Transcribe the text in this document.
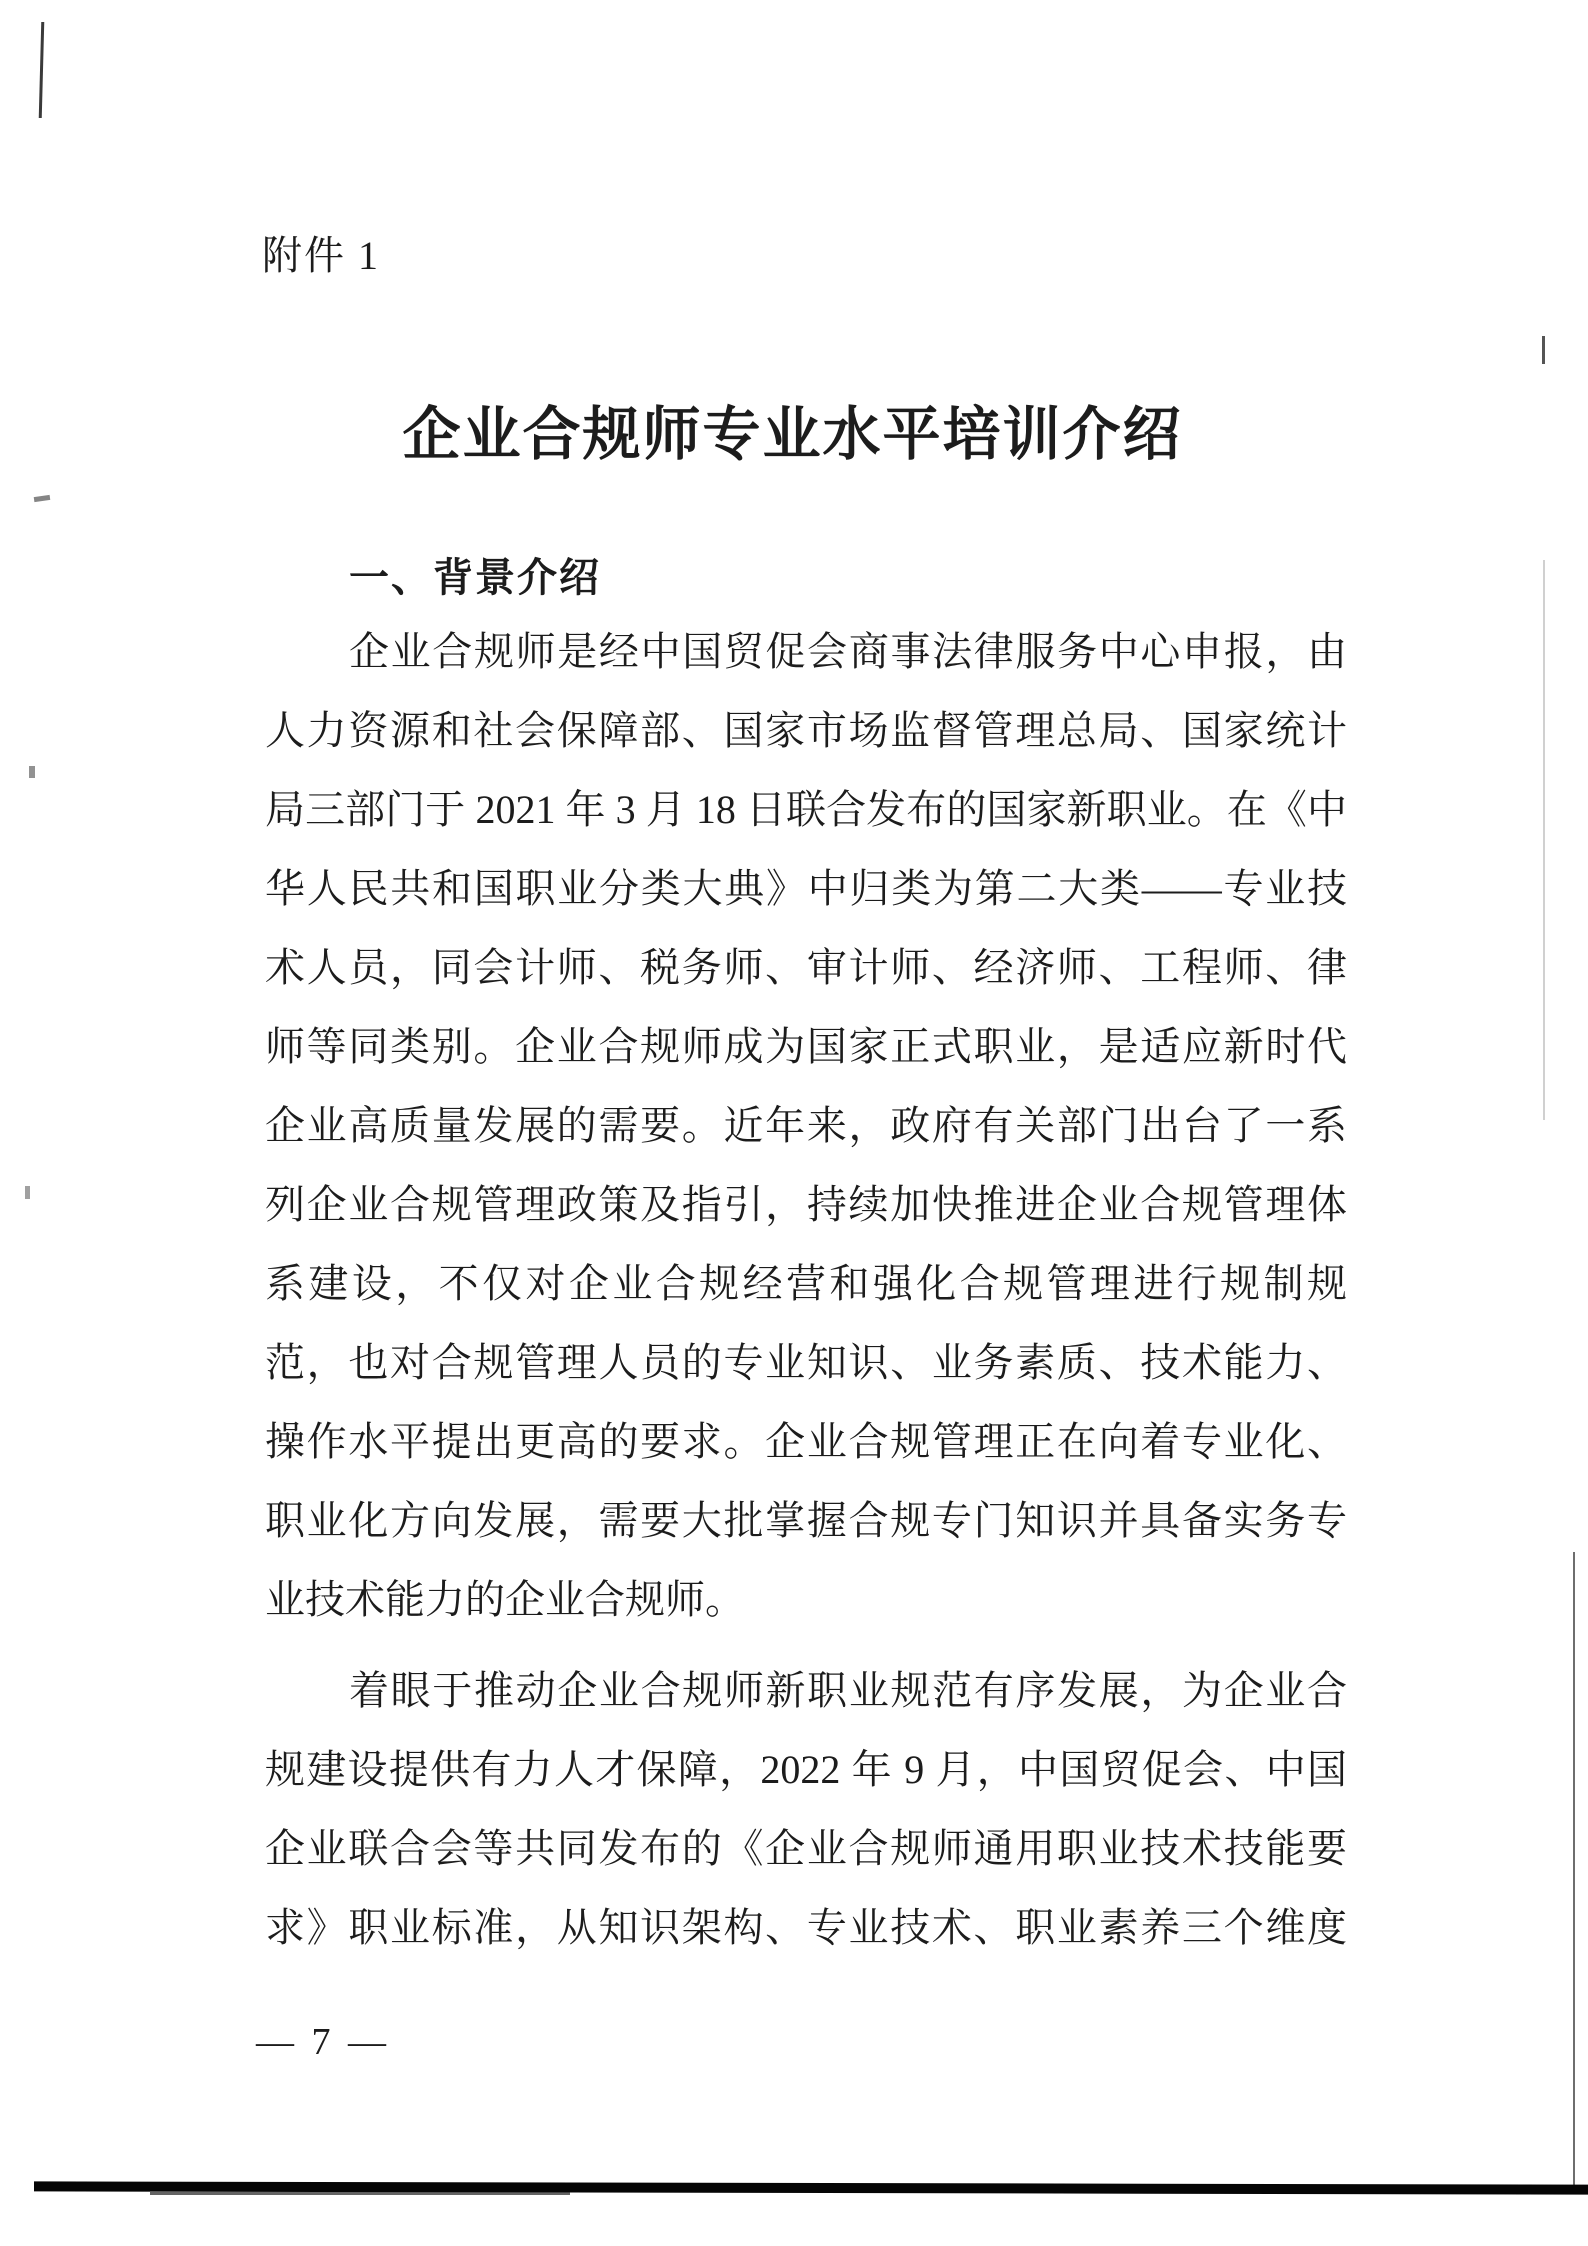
附件 1
企业合规师专业水平培训介绍
一、背景介绍
企业合规师是经中国贸促会商事法律服务中心申报，由
人力资源和社会保障部、国家市场监督管理总局、国家统计
局三部门于 2021 年 3 月 18 日联合发布的国家新职业。在《中
华人民共和国职业分类大典》中归类为第二大类——专业技
术人员，同会计师、税务师、审计师、经济师、工程师、律
师等同类别。企业合规师成为国家正式职业，是适应新时代
企业高质量发展的需要。近年来，政府有关部门出台了一系
列企业合规管理政策及指引，持续加快推进企业合规管理体
系建设，不仅对企业合规经营和强化合规管理进行规制规
范，也对合规管理人员的专业知识、业务素质、技术能力、
操作水平提出更高的要求。企业合规管理正在向着专业化、
职业化方向发展，需要大批掌握合规专门知识并具备实务专
业技术能力的企业合规师。
着眼于推动企业合规师新职业规范有序发展，为企业合
规建设提供有力人才保障，2022 年 9 月，中国贸促会、中国
企业联合会等共同发布的《企业合规师通用职业技术技能要
求》职业标准，从知识架构、专业技术、职业素养三个维度
— 7 —
